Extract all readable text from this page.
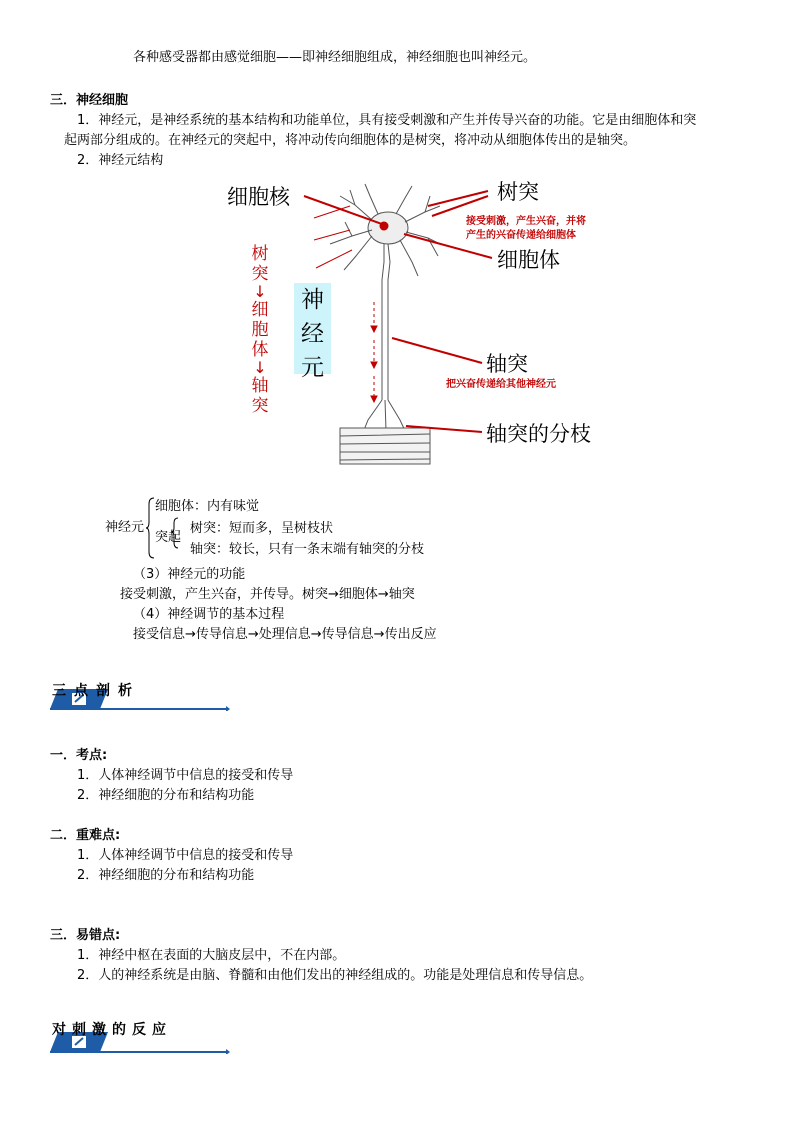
各种感受器都由感觉细胞——即神经细胞组成，神经细胞也叫神经元。
三．神经细胞
1．神经元，是神经系统的基本结构和功能单位，具有接受刺激和产生并传导兴奋的功能。它是由细胞体和突
起两部分组成的。在神经元的突起中，将冲动传向细胞体的是树突，将冲动从细胞体传出的是轴突。
2．神经元结构
细胞核	树突
接受刺激，产生兴奋，并将
产生的兴奋传递给细胞体
细胞体
轴突
把兴奋传递给其他神经元
轴突的分枝
神
经
元
树
突
↓
细
胞
体
↓
轴
突
神经元
细胞体：内有味觉
突起
树突：短而多，呈树枝状
轴突：较长，只有一条末端有轴突的分枝
（3）神经元的功能
接受刺激，产生兴奋，并传导。树突→细胞体→轴突
（4）神经调节的基本过程
接受信息→传导信息→处理信息→传导信息→传出反应
三点剖析
一．考点:
1．人体神经调节中信息的接受和传导
2．神经细胞的分布和结构功能
二．重难点:
1．人体神经调节中信息的接受和传导
2．神经细胞的分布和结构功能
三．易错点:
1．神经中枢在表面的大脑皮层中，不在内部。
2．人的神经系统是由脑、脊髓和由他们发出的神经组成的。功能是处理信息和传导信息。
对刺激的反应
